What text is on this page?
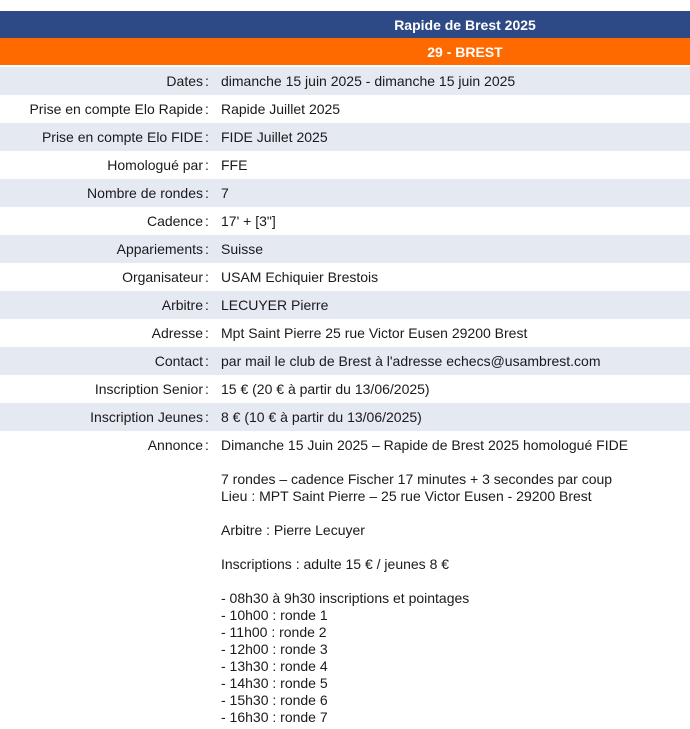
Rapide de Brest 2025
29 - BREST
Dates : dimanche 15 juin 2025 - dimanche 15 juin 2025
Prise en compte Elo Rapide : Rapide Juillet 2025
Prise en compte Elo FIDE : FIDE Juillet 2025
Homologué par : FFE
Nombre de rondes : 7
Cadence : 17' + [3"]
Appariements : Suisse
Organisateur : USAM Echiquier Brestois
Arbitre : LECUYER Pierre
Adresse : Mpt Saint Pierre 25 rue Victor Eusen 29200 Brest
Contact : par mail le club de Brest à l'adresse echecs@usambrest.com
Inscription Senior : 15 € (20 € à partir du 13/06/2025)
Inscription Jeunes : 8 € (10 € à partir du 13/06/2025)
Annonce : Dimanche 15 Juin 2025 – Rapide de Brest 2025 homologué FIDE

7 rondes – cadence Fischer 17 minutes + 3 secondes par coup

Lieu : MPT Saint Pierre – 25 rue Victor Eusen - 29200 Brest

Arbitre : Pierre Lecuyer

Inscriptions : adulte 15 € / jeunes 8 €

- 08h30 à 9h30 inscriptions et pointages

- 10h00 : ronde 1

- 11h00 : ronde 2

- 12h00 : ronde 3

- 13h30 : ronde 4

- 14h30 : ronde 5

- 15h30 : ronde 6

- 16h30 : ronde 7
